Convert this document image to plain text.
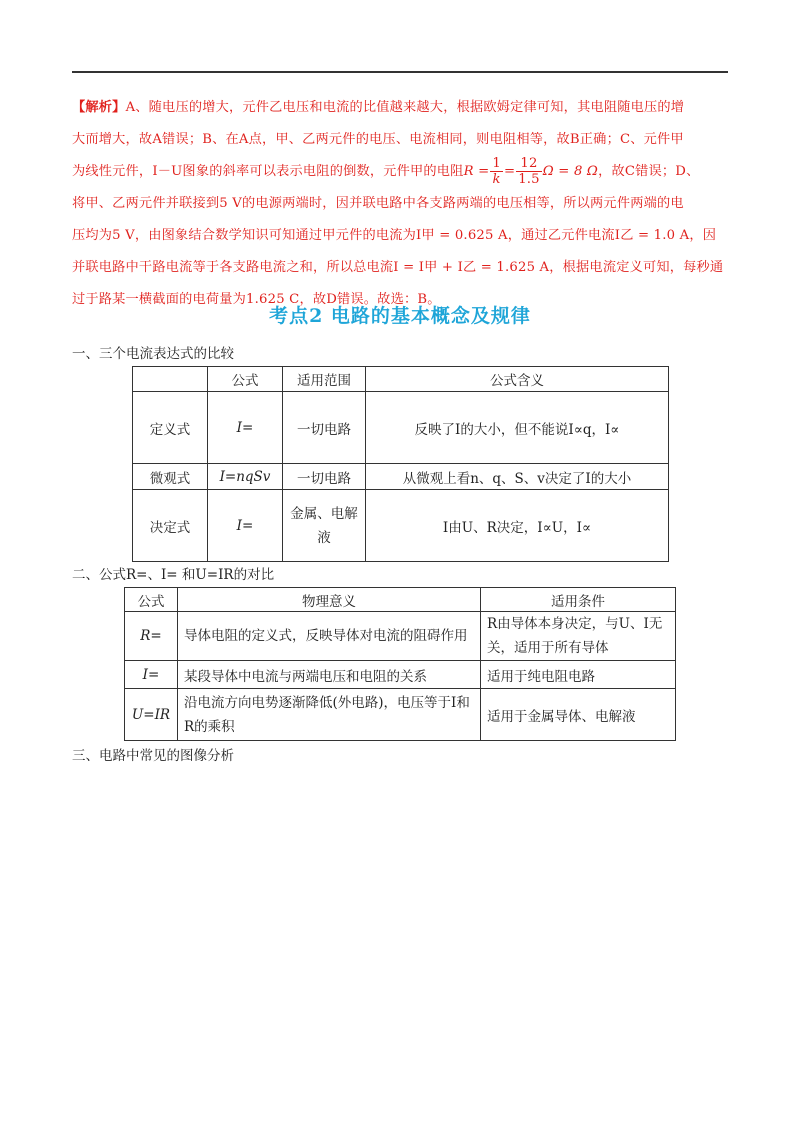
【解析】A、随电压的增大，元件乙电压和电流的比值越来越大，根据欧姆定律可知，其电阻随电压的增
大而增大，故A错误；B、在A点，甲、乙两元件的电压、电流相同，则电阻相等，故B正确；C、元件甲
为线性元件，I－U图象的斜率可以表示电阻的倒数，元件甲的电阻$R = \frac{1}{k} = \frac{12}{1.5}$ Ω = 8 Ω，故C错误；D、
将甲、乙两元件并联接到5 V的电源两端时，因并联电路中各支路两端的电压相等，所以两元件两端的电
压均为5 V，由图象结合数学知识可知通过甲元件的电流为I甲 = 0.625 A，通过乙元件电流I乙 = 1.0 A，因
并联电路中干路电流等于各支路电流之和，所以总电流I = I甲 + I乙 = 1.625 A，根据电流定义可知，每秒通
过于路某一横截面的电荷量为1.625 C，故D错误。故选：B。
考点2 电路的基本概念及规律
一、三个电流表达式的比较
	公式	适用范围	公式含义
定义式	I=	一切电路	反映了I的大小，但不能说I∝q，I∝
微观式	I=nqSv	一切电路	从微观上看n、q、S、v决定了I的大小
决定式	I=	金属、电解液	I由U、R决定，I∝U，I∝
二、公式R=、I= 和U=IR的对比
公式	物理意义	适用条件
R=	导体电阻的定义式，反映导体对电流的阻碍作用	R由导体本身决定，与U、I无关，适用于所有导体
I=	某段导体中电流与两端电压和电阻的关系	适用于纯电阻电路
U=IR	沿电流方向电势逐渐降低(外电路)，电压等于I和R的乘积	适用于金属导体、电解液
三、电路中常见的图像分析
